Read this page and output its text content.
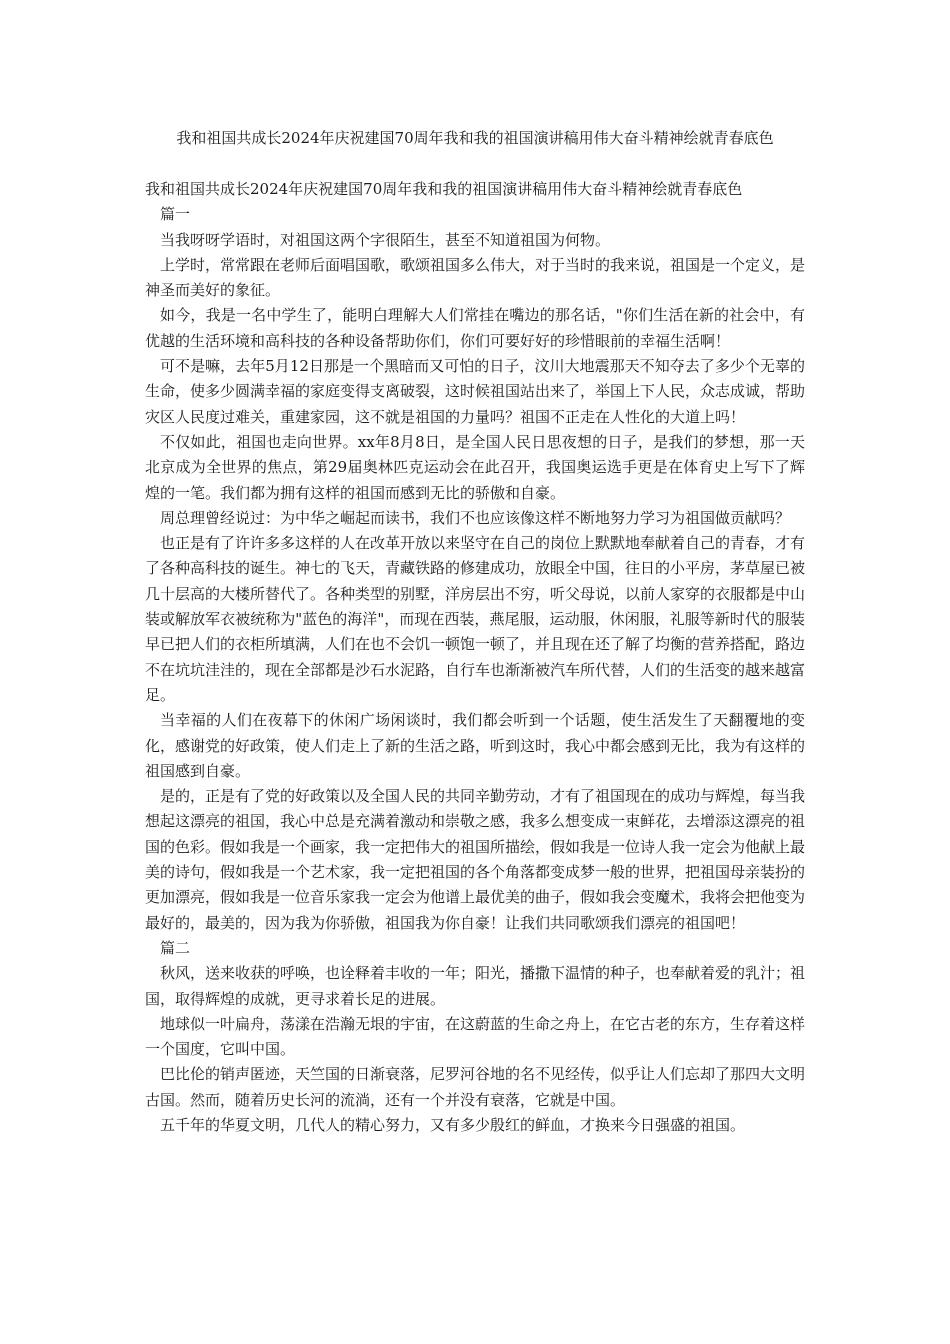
我和祖国共成长2024年庆祝建国70周年我和我的祖国演讲稿用伟大奋斗精神绘就青春底色

我和祖国共成长2024年庆祝建国70周年我和我的祖国演讲稿用伟大奋斗精神绘就青春底色

篇一

当我呀呀学语时，对祖国这两个字很陌生，甚至不知道祖国为何物。

上学时，常常跟在老师后面唱国歌，歌颂祖国多么伟大，对于当时的我来说，祖国是一个定义，是神圣而美好的象征。

如今，我是一名中学生了，能明白理解大人们常挂在嘴边的那名话，"你们生活在新的社会中，有优越的生活环境和高科技的各种设备帮助你们，你们可要好好的珍惜眼前的幸福生活啊！

可不是嘛，去年5月12日那是一个黑暗而又可怕的日子，汶川大地震那天不知夺去了多少个无辜的生命，使多少圆满幸福的家庭变得支离破裂，这时候祖国站出来了，举国上下人民，众志成诚，帮助灾区人民度过难关，重建家园，这不就是祖国的力量吗？祖国不正走在人性化的大道上吗！

不仅如此，祖国也走向世界。xx年8月8日，是全国人民日思夜想的日子，是我们的梦想，那一天北京成为全世界的焦点，第29届奥林匹克运动会在此召开，我国奥运选手更是在体育史上写下了辉煌的一笔。我们都为拥有这样的祖国而感到无比的骄傲和自豪。

周总理曾经说过：为中华之崛起而读书，我们不也应该像这样不断地努力学习为祖国做贡献吗？

也正是有了许许多多这样的人在改革开放以来坚守在自己的岗位上默默地奉献着自己的青春，才有了各种高科技的诞生。神七的飞天，青藏铁路的修建成功，放眼全中国，往日的小平房，茅草屋已被几十层高的大楼所替代了。各种类型的别墅，洋房层出不穷，听父母说，以前人家穿的衣服都是中山装或解放军衣被统称为"蓝色的海洋"，而现在西装，燕尾服，运动服，休闲服，礼服等新时代的服装早已把人们的衣柜所填满，人们在也不会饥一顿饱一顿了，并且现在还了解了均衡的营养搭配，路边不在坑坑洼洼的，现在全部都是沙石水泥路，自行车也渐渐被汽车所代替，人们的生活变的越来越富足。

当幸福的人们在夜幕下的休闲广场闲谈时，我们都会听到一个话题，使生活发生了天翻覆地的变化，感谢党的好政策，使人们走上了新的生活之路，听到这时，我心中都会感到无比，我为有这样的祖国感到自豪。

是的，正是有了党的好政策以及全国人民的共同辛勤劳动，才有了祖国现在的成功与辉煌，每当我想起这漂亮的祖国，我心中总是充满着激动和崇敬之感，我多么想变成一束鲜花，去增添这漂亮的祖国的色彩。假如我是一个画家，我一定把伟大的祖国所描绘，假如我是一位诗人我一定会为他献上最美的诗句，假如我是一个艺术家，我一定把祖国的各个角落都变成梦一般的世界，把祖国母亲装扮的更加漂亮，假如我是一位音乐家我一定会为他谱上最优美的曲子，假如我会变魔术，我将会把他变为最好的，最美的，因为我为你骄傲，祖国我为你自豪！让我们共同歌颂我们漂亮的祖国吧！

篇二

秋风，送来收获的呼唤，也诠释着丰收的一年；阳光，播撒下温情的种子，也奉献着爱的乳汁；祖国，取得辉煌的成就，更寻求着长足的进展。

地球似一叶扁舟，荡漾在浩瀚无垠的宇宙，在这蔚蓝的生命之舟上，在它古老的东方，生存着这样一个国度，它叫中国。

巴比伦的销声匿迹，天竺国的日渐衰落，尼罗河谷地的名不见经传，似乎让人们忘却了那四大文明古国。然而，随着历史长河的流淌，还有一个并没有衰落，它就是中国。

五千年的华夏文明，几代人的精心努力，又有多少殷红的鲜血，才换来今日强盛的祖国。
